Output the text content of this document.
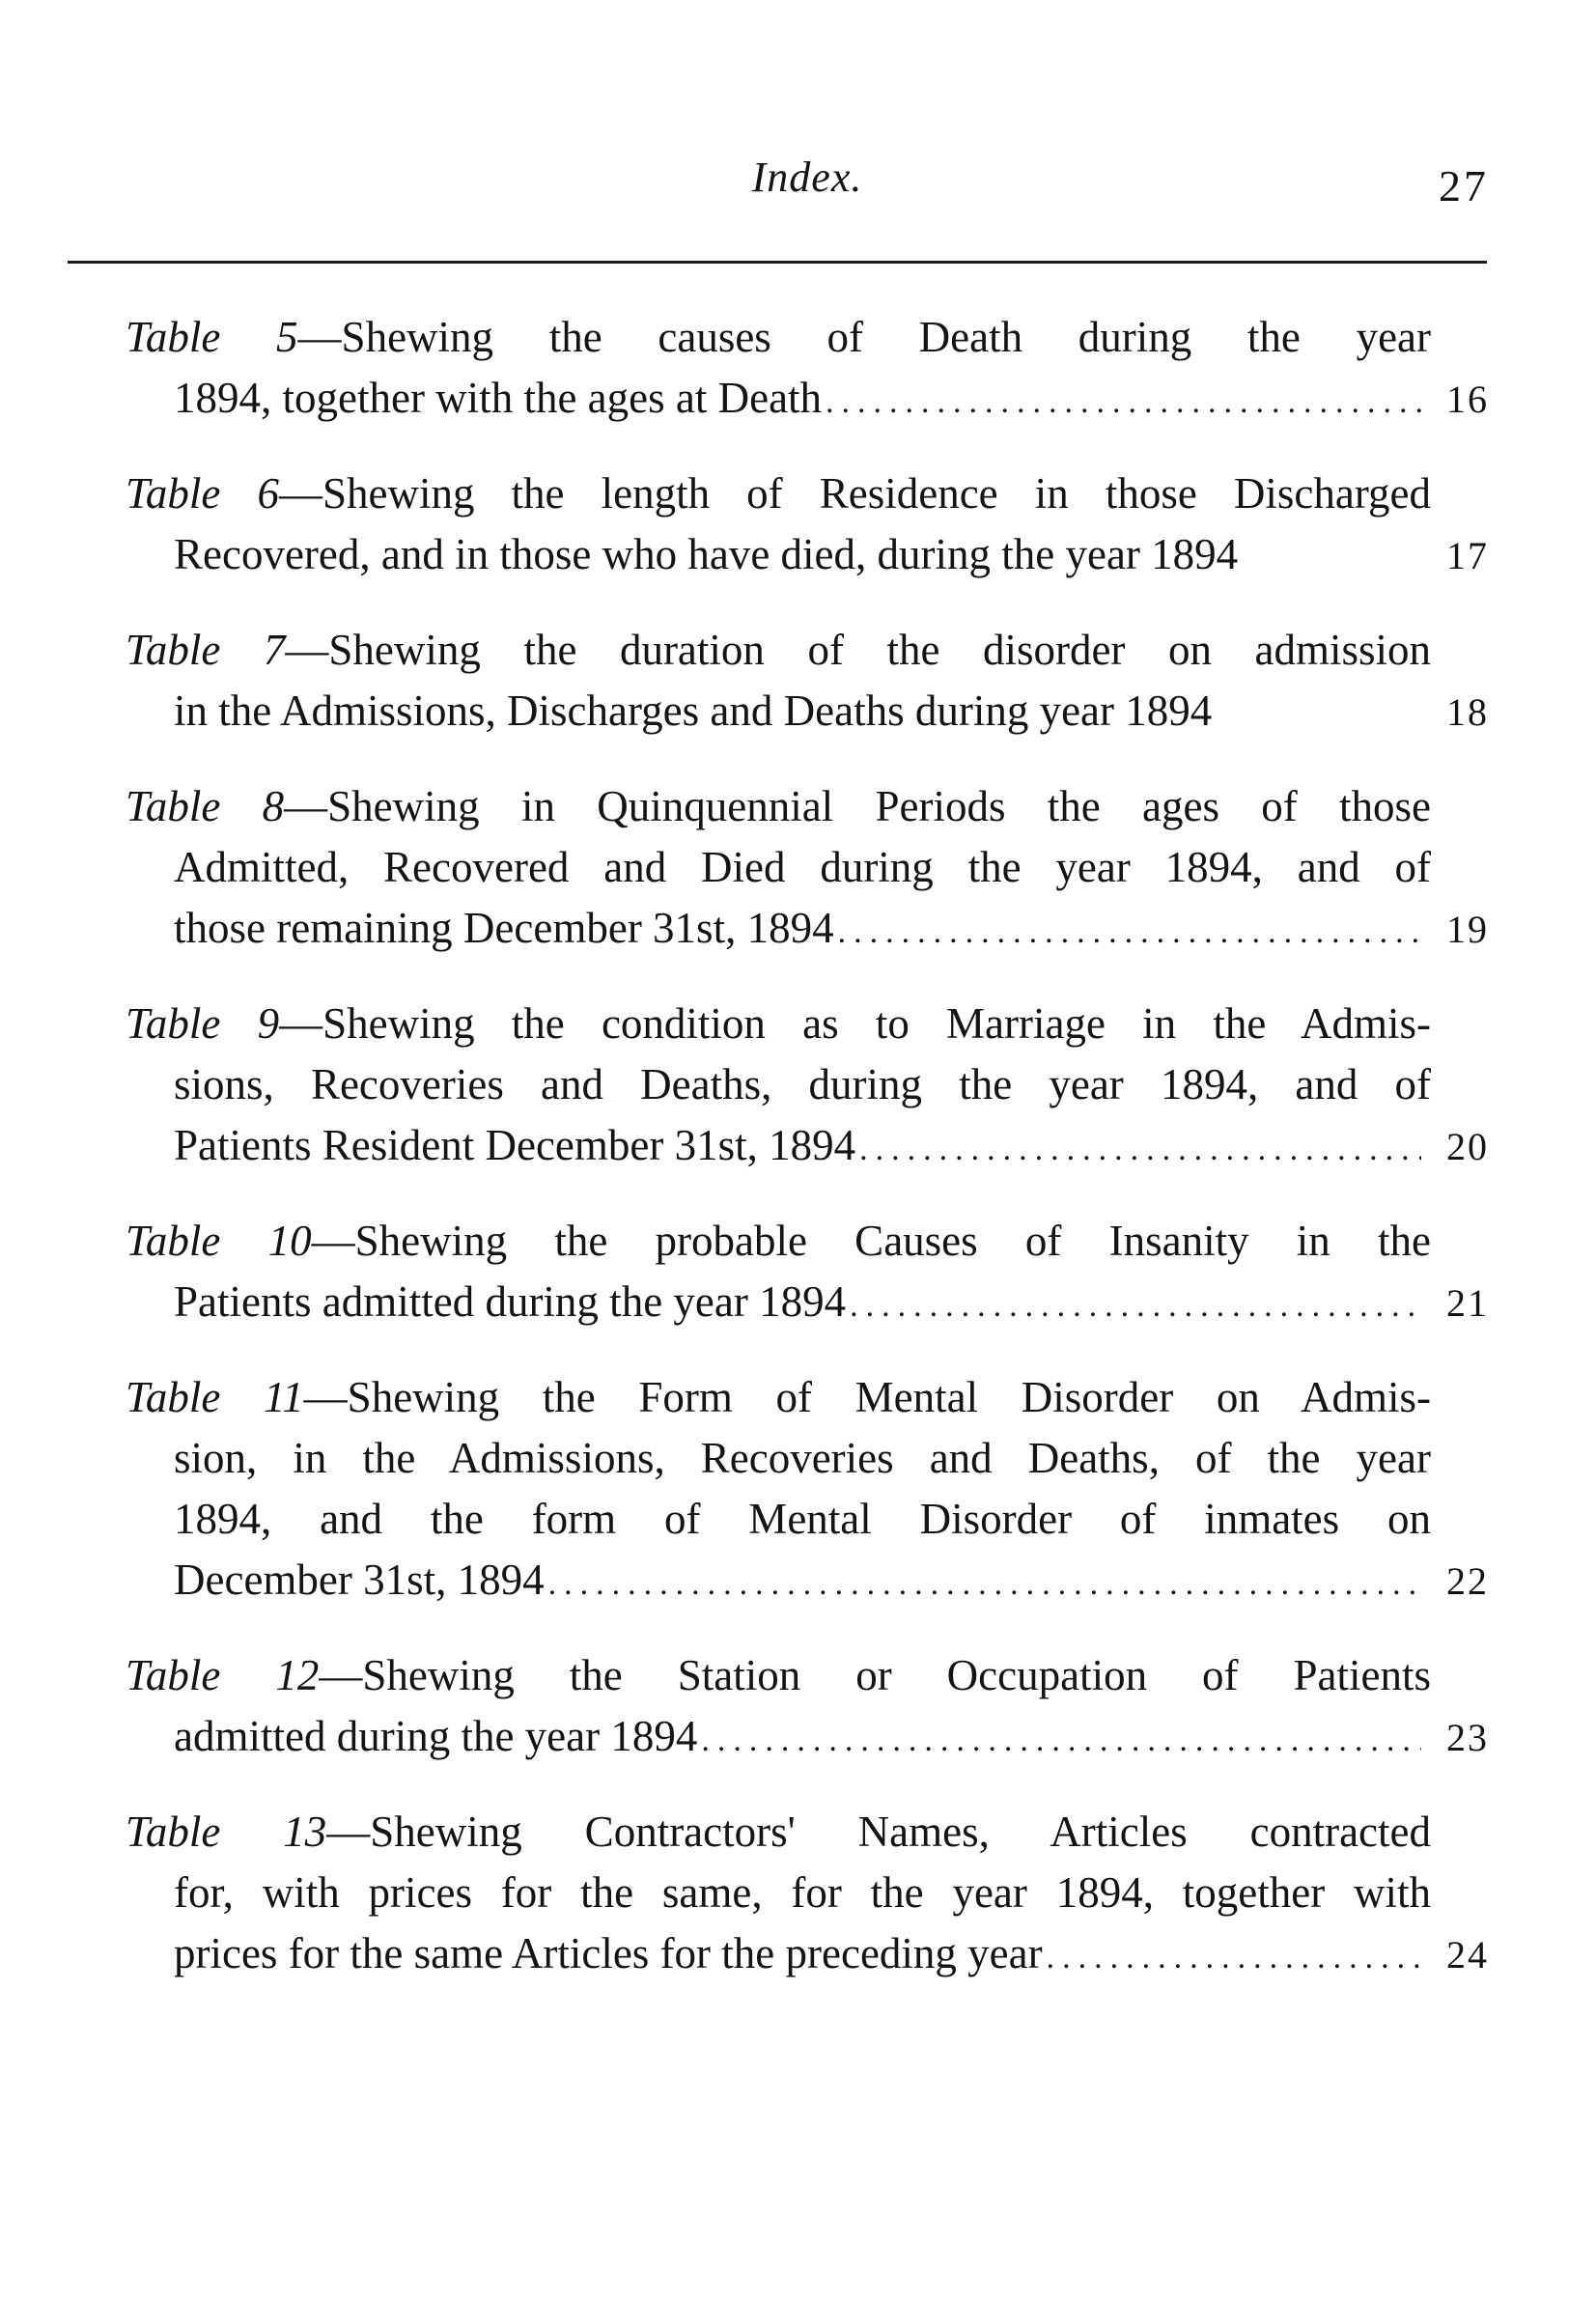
Index.	27
Table 5—Shewing the causes of Death during the year
1894, together with the ages at Death .....	16
Table 6—Shewing the length of Residence in those Discharged
Recovered, and in those who have died, during the year 1894	17
Table 7—Shewing the duration of the disorder on admission
in the Admissions, Discharges and Deaths during year 1894	18
Table 8—Shewing in Quinquennial Periods the ages of those
Admitted, Recovered and Died during the year 1894, and of
those remaining December 31st, 1894 .....	19
Table 9—Shewing the condition as to Marriage in the Admis-
sions, Recoveries and Deaths, during the year 1894, and of
Patients Resident December 31st, 1894 .....	20
Table 10—Shewing the probable Causes of Insanity in the
Patients admitted during the year 1894 .....	21
Table 11—Shewing the Form of Mental Disorder on Admis-
sion, in the Admissions, Recoveries and Deaths, of the year
1894, and the form of Mental Disorder of inmates on
December 31st, 1894 .....	22
Table 12—Shewing the Station or Occupation of Patients
admitted during the year 1894 .....	23
Table 13—Shewing Contractors' Names, Articles contracted
for, with prices for the same, for the year 1894, together with
prices for the same Articles for the preceding year .....	24
